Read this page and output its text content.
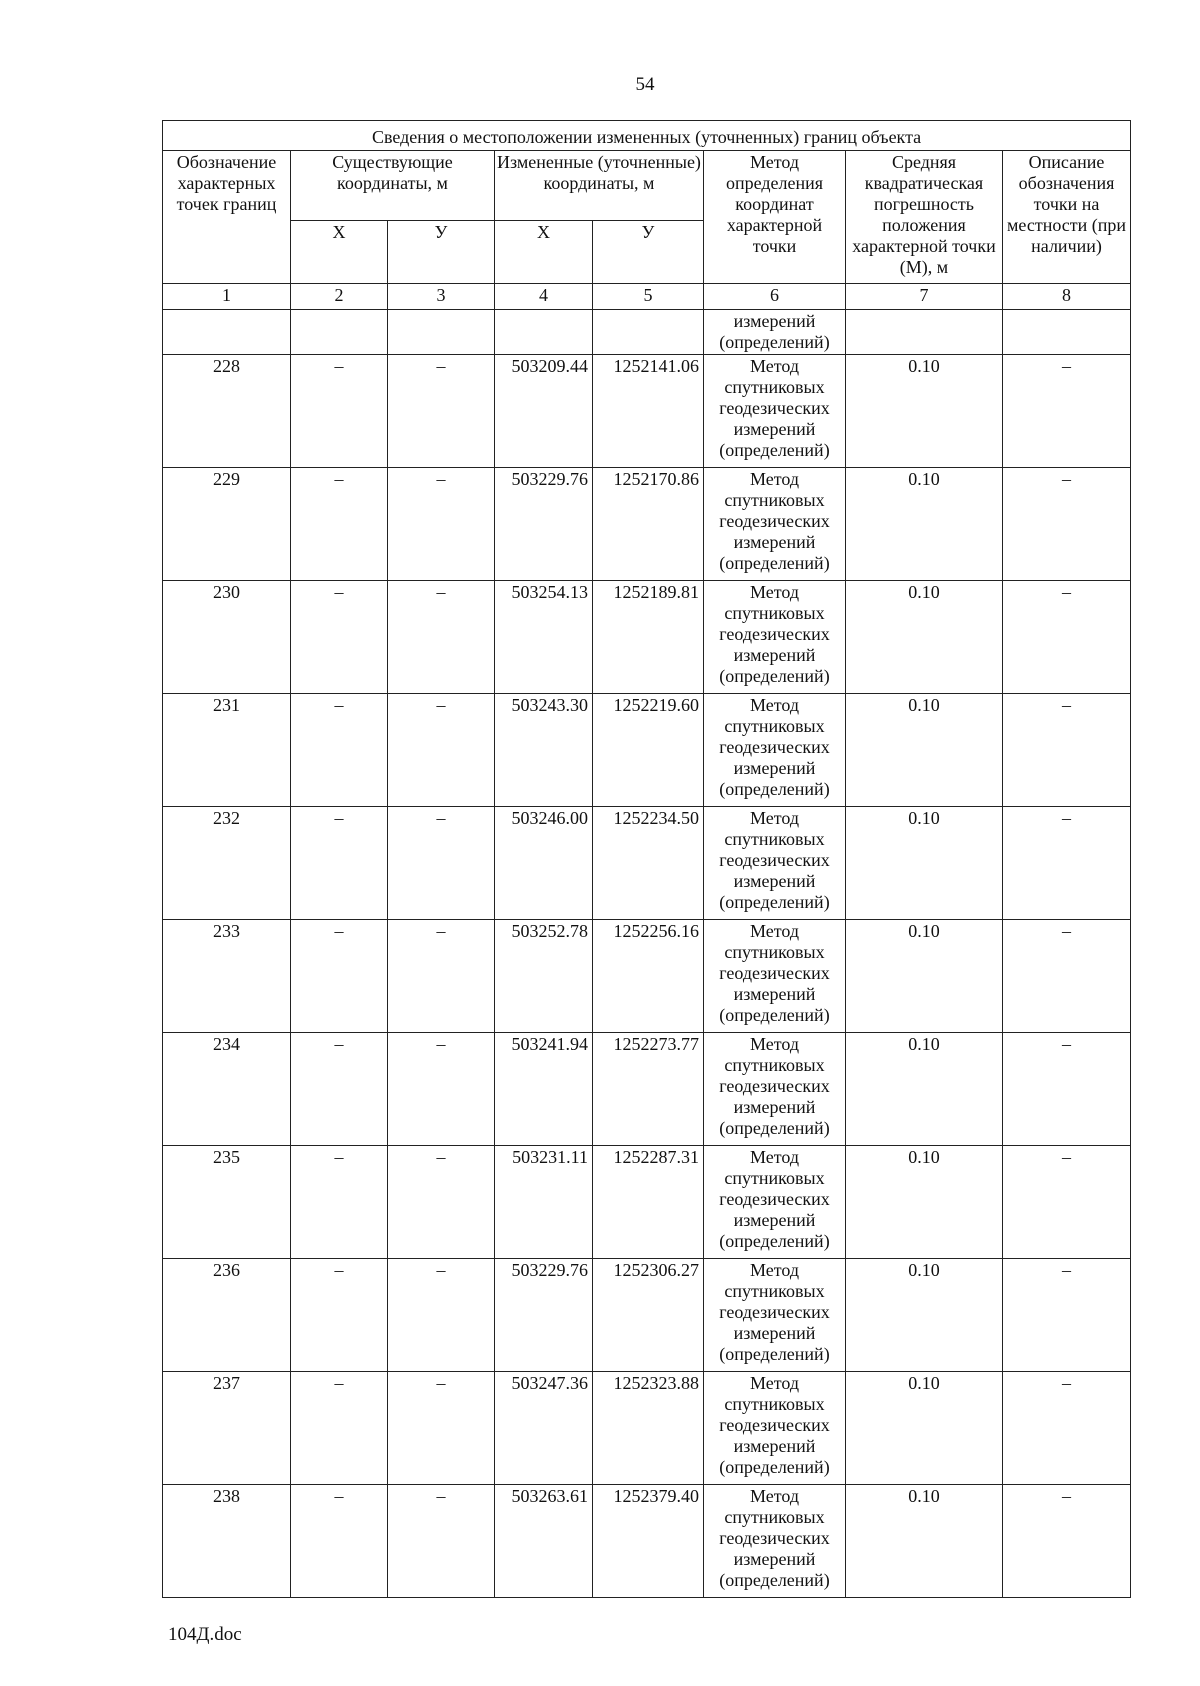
54
Сведения о местоположении измененных (уточненных) границ объекта							
Обозначение характерных точек границ	Существующие координаты, м		Измененные (уточненные) координаты, м		Метод определения координат характерной точки	Средняя квадратическая погрешность положения характерной точки (М), м	Описание обозначения точки на местности (при наличии)
	Х	У	Х	У			
1	2	3	4	5	6	7	8
					измерений (определений)		
228	–	–	503209.44	1252141.06	Метод спутниковых геодезических измерений (определений)	0.10	–
229	–	–	503229.76	1252170.86	Метод спутниковых геодезических измерений (определений)	0.10	–
230	–	–	503254.13	1252189.81	Метод спутниковых геодезических измерений (определений)	0.10	–
231	–	–	503243.30	1252219.60	Метод спутниковых геодезических измерений (определений)	0.10	–
232	–	–	503246.00	1252234.50	Метод спутниковых геодезических измерений (определений)	0.10	–
233	–	–	503252.78	1252256.16	Метод спутниковых геодезических измерений (определений)	0.10	–
234	–	–	503241.94	1252273.77	Метод спутниковых геодезических измерений (определений)	0.10	–
235	–	–	503231.11	1252287.31	Метод спутниковых геодезических измерений (определений)	0.10	–
236	–	–	503229.76	1252306.27	Метод спутниковых геодезических измерений (определений)	0.10	–
237	–	–	503247.36	1252323.88	Метод спутниковых геодезических измерений (определений)	0.10	–
238	–	–	503263.61	1252379.40	Метод спутниковых геодезических измерений (определений)	0.10	–
104Д.doc
